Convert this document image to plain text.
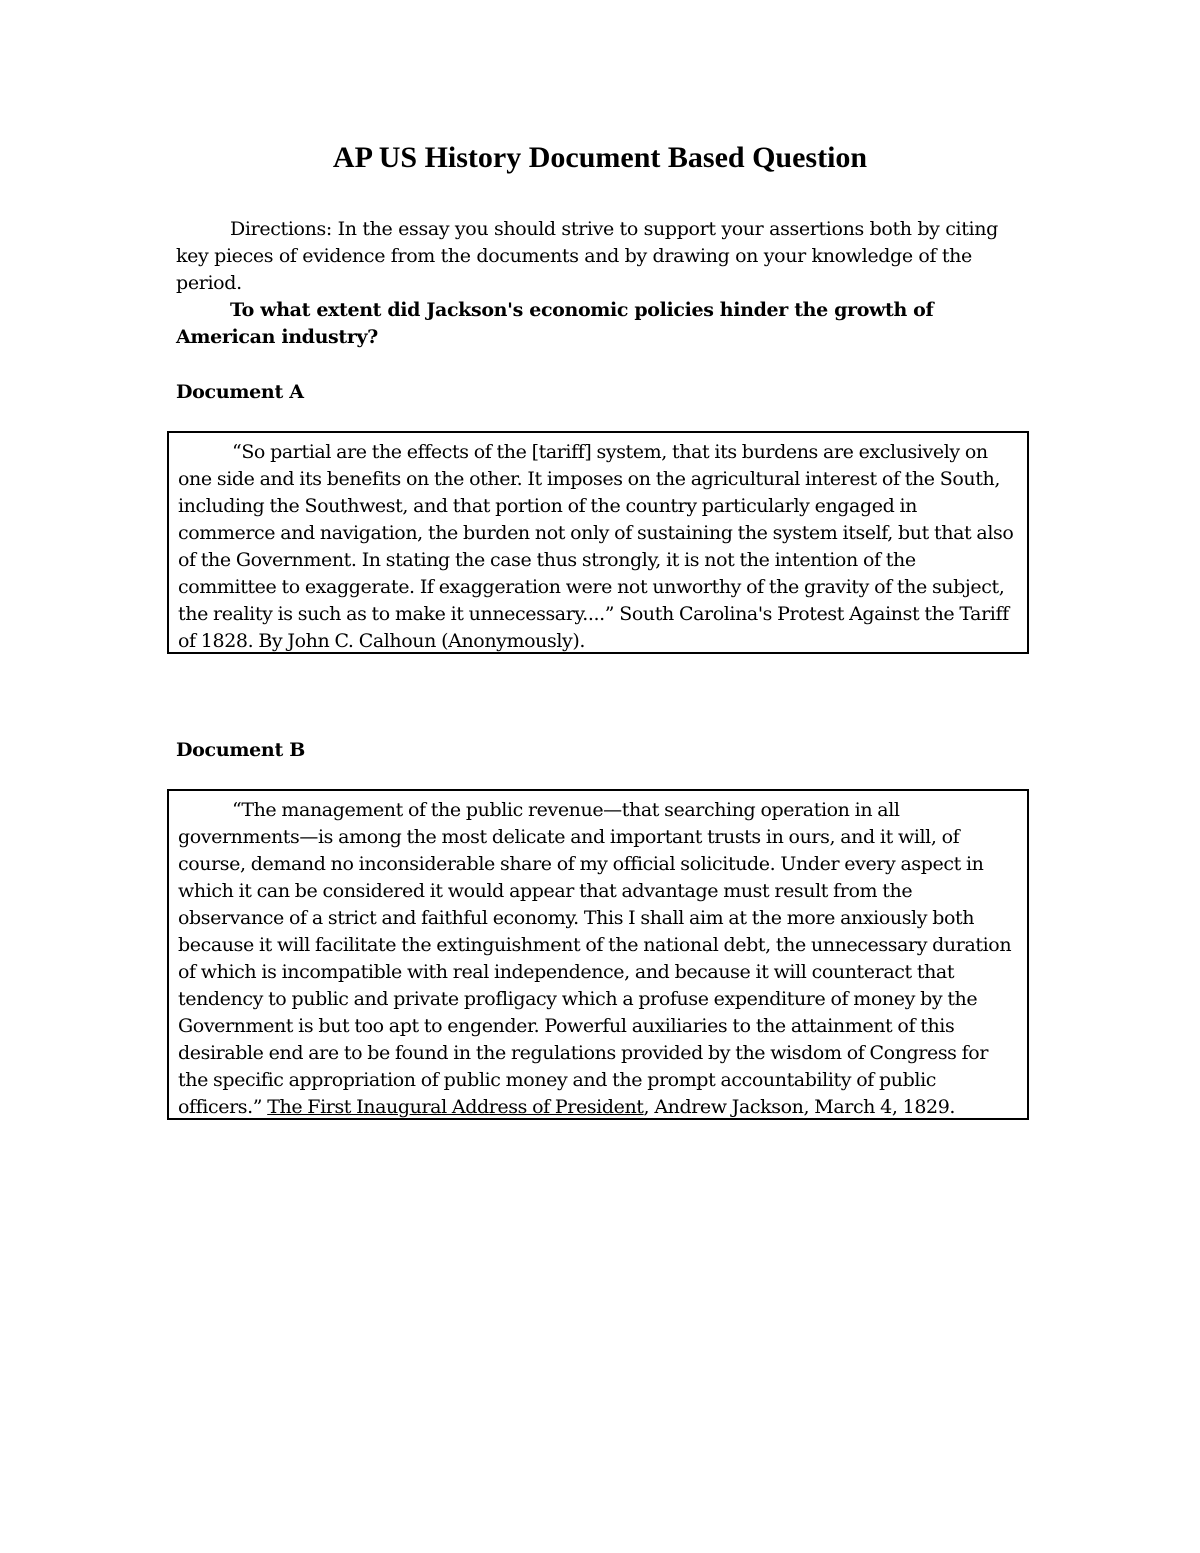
AP US History Document Based Question

Directions: In the essay you should strive to support your assertions both by citing key pieces of evidence from the documents and by drawing on your knowledge of the period.

To what extent did Jackson's economic policies hinder the growth of American industry?

Document A

“So partial are the effects of the [tariff] system, that its burdens are exclusively on one side and its benefits on the other. It imposes on the agricultural interest of the South, including the Southwest, and that portion of the country particularly engaged in commerce and navigation, the burden not only of sustaining the system itself, but that also of the Government. In stating the case thus strongly, it is not the intention of the committee to exaggerate. If exaggeration were not unworthy of the gravity of the subject, the reality is such as to make it unnecessary....” South Carolina's Protest Against the Tariff of 1828. By John C. Calhoun (Anonymously).

Document B

“The management of the public revenue—that searching operation in all governments—is among the most delicate and important trusts in ours, and it will, of course, demand no inconsiderable share of my official solicitude. Under every aspect in which it can be considered it would appear that advantage must result from the observance of a strict and faithful economy. This I shall aim at the more anxiously both because it will facilitate the extinguishment of the national debt, the unnecessary duration of which is incompatible with real independence, and because it will counteract that tendency to public and private profligacy which a profuse expenditure of money by the Government is but too apt to engender. Powerful auxiliaries to the attainment of this desirable end are to be found in the regulations provided by the wisdom of Congress for the specific appropriation of public money and the prompt accountability of public officers.” The First Inaugural Address of President, Andrew Jackson, March 4, 1829.
